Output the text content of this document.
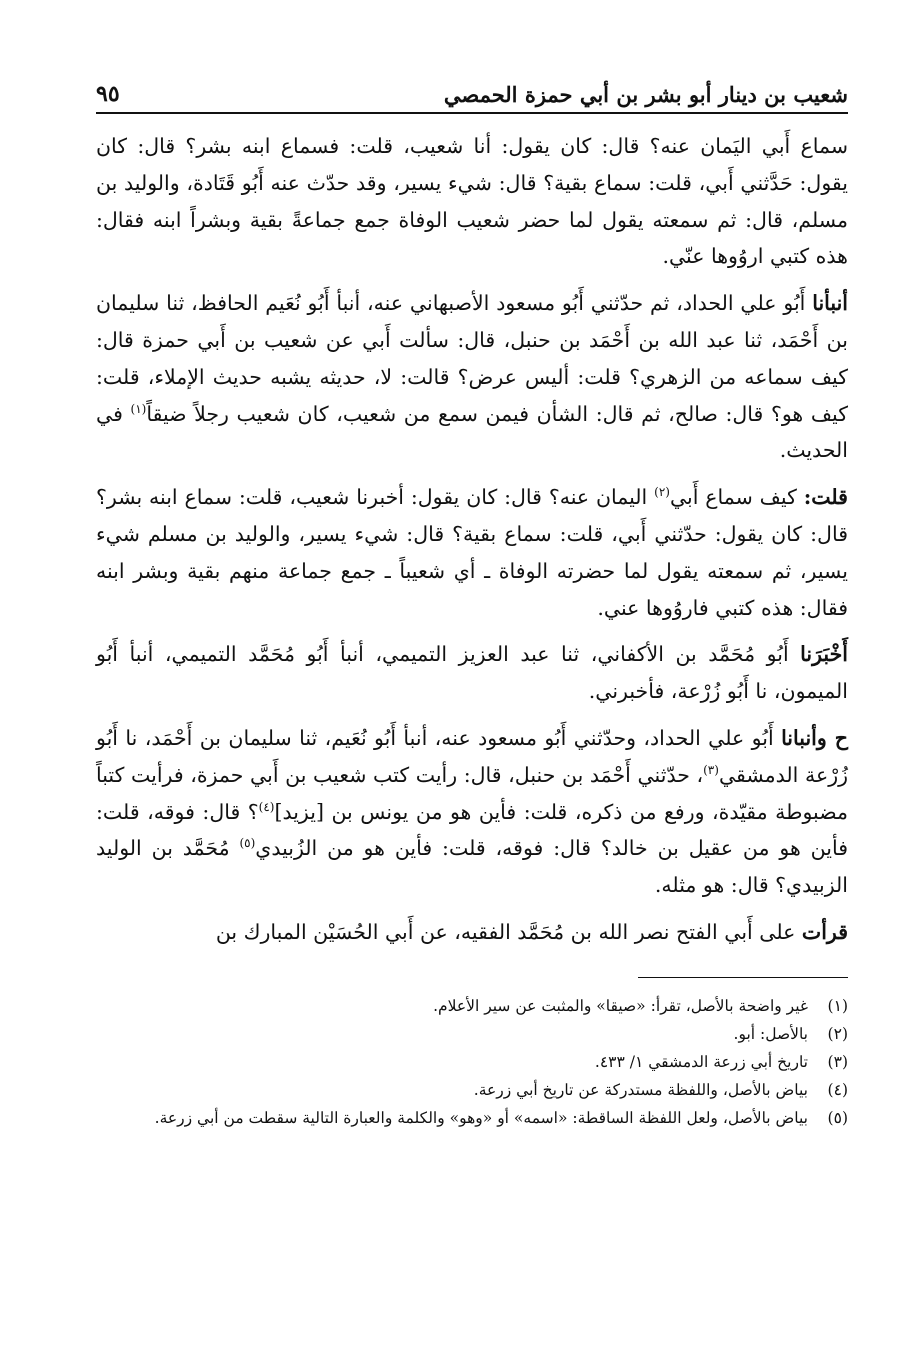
شعيب بن دينار أبو بشر بن أبي حمزة الحمصي
٩٥

سماع أَبي اليَمان عنه؟ قال: كان يقول: أنا شعيب، قلت: فسماع ابنه بشر؟ قال: كان يقول: حَدَّثني أَبي، قلت: سماع بقية؟ قال: شيء يسير، وقد حدّث عنه أَبُو قَتَادة، والوليد بن مسلم، قال: ثم سمعته يقول لما حضر شعيب الوفاة جمع جماعةً بقية وبشراً ابنه فقال: هذه كتبي اروُوها عنّي.

أنبأنا أَبُو علي الحداد، ثم حدّثني أَبُو مسعود الأصبهاني عنه، أنبأ أَبُو نُعَيم الحافظ، ثنا سليمان بن أَحْمَد، ثنا عبد الله بن أَحْمَد بن حنبل، قال: سألت أَبي عن شعيب بن أَبي حمزة قال: كيف سماعه من الزهري؟ قلت: أليس عرض؟ قالت: لا، حديثه يشبه حديث الإملاء، قلت: كيف هو؟ قال: صالح، ثم قال: الشأن فيمن سمع من شعيب، كان شعيب رجلاً ضيقاً$^{(١)}$ في الحديث.

قلت: كيف سماع أَبي$^{(٢)}$ اليمان عنه؟ قال: كان يقول: أخبرنا شعيب، قلت: سماع ابنه بشر؟ قال: كان يقول: حدّثني أَبي، قلت: سماع بقية؟ قال: شيء يسير، والوليد بن مسلم شيء يسير، ثم سمعته يقول لما حضرته الوفاة ـ أي شعيباً ـ جمع جماعة منهم بقية وبشر ابنه فقال: هذه كتبي فاروُوها عني.

أَخْبَرَنا أَبُو مُحَمَّد بن الأكفاني، ثنا عبد العزيز التميمي، أنبأ أَبُو مُحَمَّد التميمي، أنبأ أَبُو الميمون، نا أَبُو زُرْعة، فأخبرني.

ح وأنبانا أَبُو علي الحداد، وحدّثني أَبُو مسعود عنه، أنبأ أَبُو نُعَيم، ثنا سليمان بن أَحْمَد، نا أَبُو زُرْعة الدمشقي$^{(٣)}$، حدّثني أَحْمَد بن حنبل، قال: رأيت كتب شعيب بن أَبي حمزة، فرأيت كتباً مضبوطة مقيّدة، ورفع من ذكره، قلت: فأين هو من يونس بن [يزيد]$^{(٤)}$؟ قال: فوقه، قلت: فأين هو من عقيل بن خالد؟ قال: فوقه، قلت: فأين هو من الزُبيدي$^{(٥)}$ مُحَمَّد بن الوليد الزبيدي؟ قال: هو مثله.

قرأت على أَبي الفتح نصر الله بن مُحَمَّد الفقيه، عن أَبي الحُسَيْن المبارك بن

(١)
غير واضحة بالأصل، تقرأ: «صيقا» والمثبت عن سير الأعلام.
(٢)
بالأصل: أبو.
(٣)
تاريخ أبي زرعة الدمشقي ١/ ٤٣٣.
(٤)
بياض بالأصل، واللفظة مستدركة عن تاريخ أبي زرعة.
(٥)
بياض بالأصل، ولعل اللفظة الساقطة: «اسمه» أو «وهو» والكلمة والعبارة التالية سقطت من أبي زرعة.
